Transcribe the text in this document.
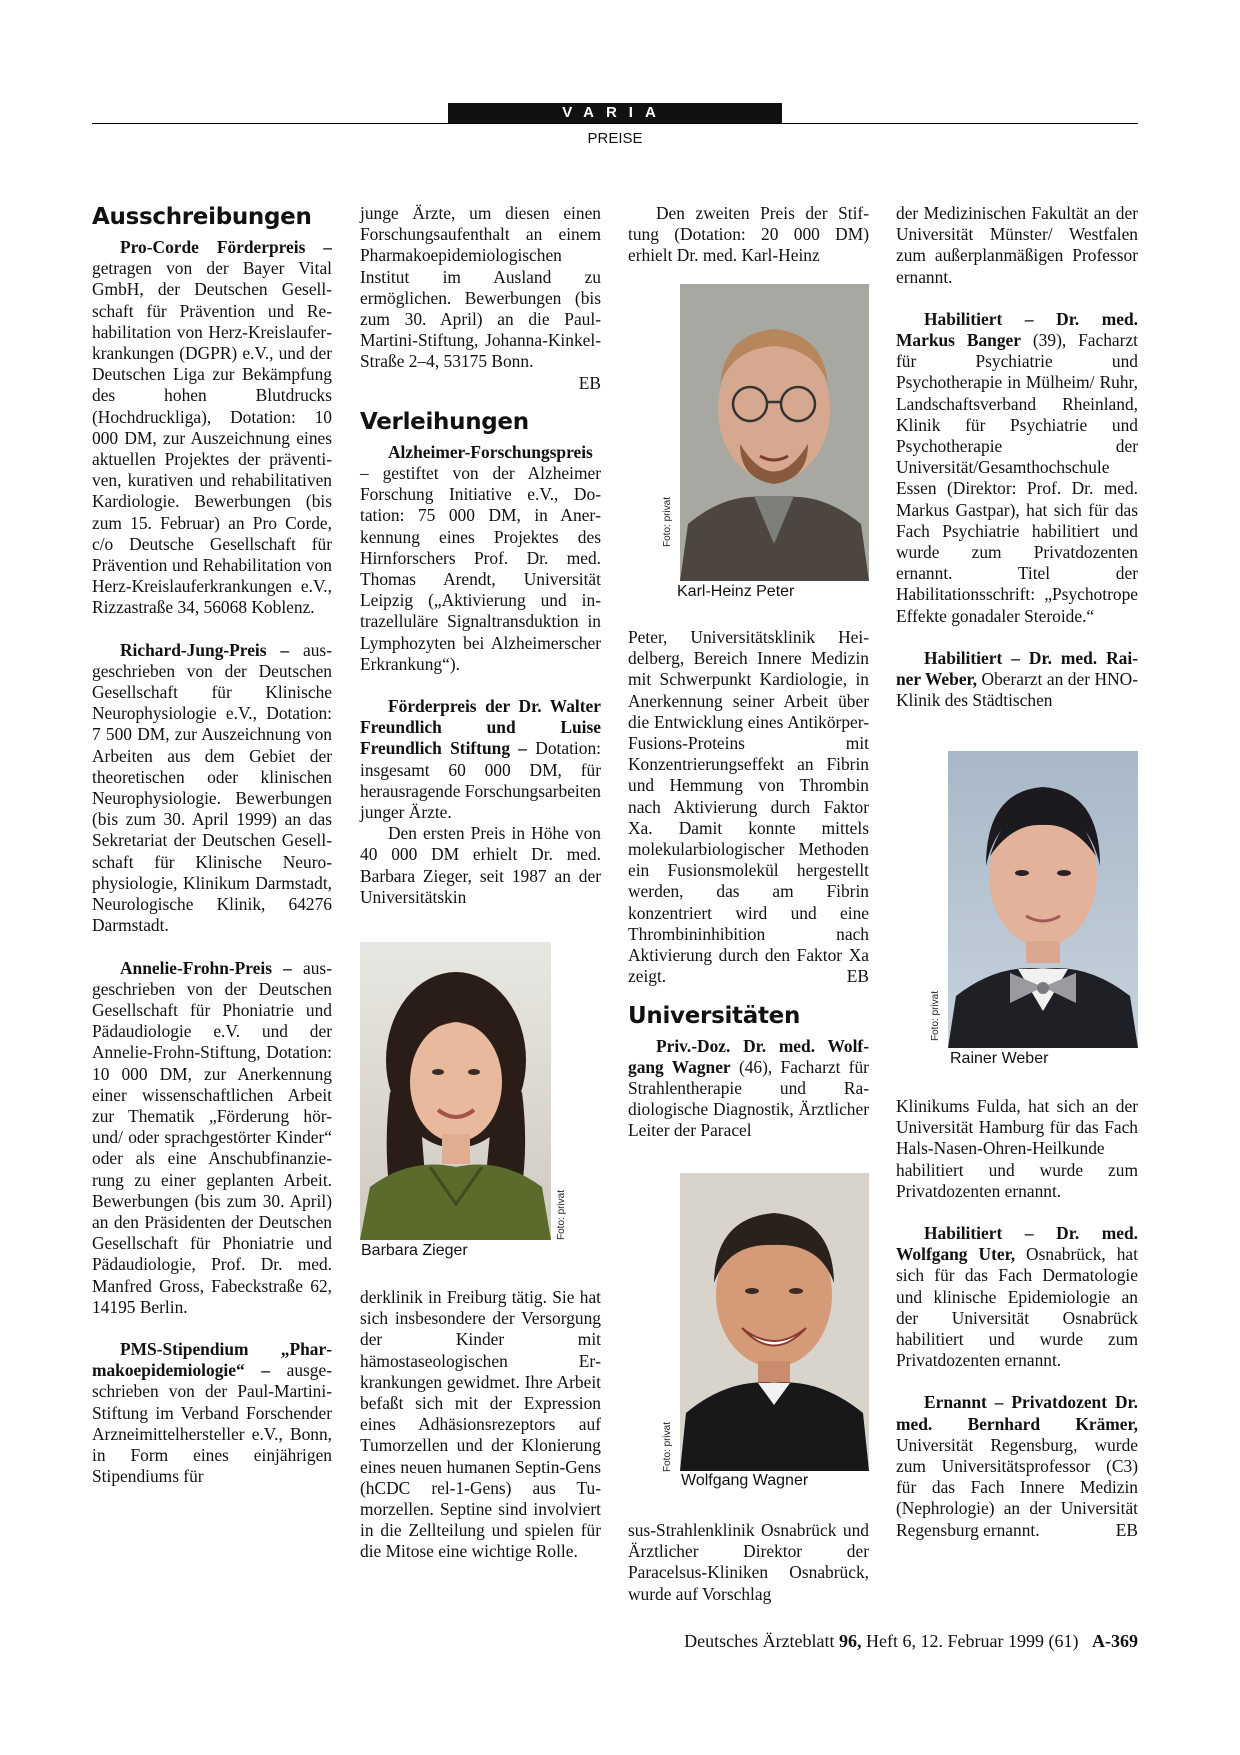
VARIA
PREISE
Ausschreibungen

Pro-Corde Förderpreis – getragen von der Bayer Vital GmbH, der Deutschen Gesellschaft für Prävention und Rehabilitation von Herz-Kreislauferkrankungen (DGPR) e.V., und der Deutschen Liga zur Bekämpfung des hohen Blutdrucks (Hochdruckliga), Dotation: 10 000 DM, zur Auszeichnung eines aktuellen Projektes der präventiven, kurativen und rehabilitativen Kardiologie. Bewerbungen (bis zum 15. Februar) an Pro Corde, c/o Deutsche Gesellschaft für Prävention und Rehabilitation von Herz-Kreislauferkrankungen e.V., Rizzastraße 34, 56068 Koblenz.

Richard-Jung-Preis – ausgeschrieben von der Deutschen Gesellschaft für Klinische Neurophysiologie e.V., Dotation: 7 500 DM, zur Auszeichnung von Arbeiten aus dem Gebiet der theoretischen oder klinischen Neurophysiologie. Bewerbungen (bis zum 30. April 1999) an das Sekretariat der Deutschen Gesellschaft für Klinische Neurophysiologie, Klinikum Darmstadt, Neurologische Klinik, 64276 Darmstadt.

Annelie-Frohn-Preis – ausgeschrieben von der Deutschen Gesellschaft für Phoniatrie und Pädaudiologie e.V. und der Annelie-Frohn-Stiftung, Dotation: 10 000 DM, zur Anerkennung einer wissenschaftlichen Arbeit zur Thematik „Förderung hör- und/ oder sprachgestörter Kinder“ oder als eine Anschubfinanzierung zu einer geplanten Arbeit. Bewerbungen (bis zum 30. April) an den Präsidenten der Deutschen Gesellschaft für Phoniatrie und Pädaudiologie, Prof. Dr. med. Manfred Gross, Fabeckstraße 62, 14195 Berlin.

PMS-Stipendium „Pharmakoepidemiologie“ – ausgeschrieben von der Paul-Martini-Stiftung im Verband Forschender Arzneimittelhersteller e.V., Bonn, in Form eines einjährigen Stipendiums für

junge Ärzte, um diesen einen Forschungsaufenthalt an einem Pharmakoepidemiologischen Institut im Ausland zu ermöglichen. Bewerbungen (bis zum 30. April) an die Paul-Martini-Stiftung, Johanna-Kinkel-Straße 2–4, 53175 Bonn.

EB

Verleihungen

Alzheimer-Forschungspreis – gestiftet von der Alzheimer Forschung Initiative e.V., Dotation: 75 000 DM, in Anerkennung eines Projektes des Hirnforschers Prof. Dr. med. Thomas Arendt, Universität Leipzig („Aktivierung und intrazelluläre Signaltransduktion in Lymphozyten bei Alzheimerscher Erkrankung“).

Förderpreis der Dr. Walter Freundlich und Luise Freundlich Stiftung – Dotation: insgesamt 60 000 DM, für herausragende Forschungsarbeiten junger Ärzte.

Den ersten Preis in Höhe von 40 000 DM erhielt Dr. med. Barbara Zieger, seit 1987 an der Universitätskin

Foto: privat
Barbara Zieger

derklinik in Freiburg tätig. Sie hat sich insbesondere der Versorgung der Kinder mit hämostaseologischen Erkrankungen gewidmet. Ihre Arbeit befaßt sich mit der Expression eines Adhäsionsrezeptors auf Tumorzellen und der Klonierung eines neuen humanen Septin-Gens (hCDC rel-1-Gens) aus Tumorzellen. Septine sind involviert in die Zellteilung und spielen für die Mitose eine wichtige Rolle.

Den zweiten Preis der Stiftung (Dotation: 20 000 DM) erhielt Dr. med. Karl-Heinz

Foto: privat
Karl-Heinz Peter

Peter, Universitätsklinik Heidelberg, Bereich Innere Medizin mit Schwerpunkt Kardiologie, in Anerkennung seiner Arbeit über die Entwicklung eines Antikörper-Fusions-Proteins mit Konzentrierungseffekt an Fibrin und Hemmung von Thrombin nach Aktivierung durch Faktor Xa. Damit konnte mittels molekularbiologischer Methoden ein Fusionsmolekül hergestellt werden, das am Fibrin konzentriert wird und eine Thrombininhibition nach Aktivierung durch den Faktor Xa zeigt.	EB

Universitäten

Priv.-Doz. Dr. med. Wolfgang Wagner (46), Facharzt für Strahlentherapie und Radiologische Diagnostik, Ärztlicher Leiter der Paracel

Foto: privat
Wolfgang Wagner

sus-Strahlenklinik Osnabrück und Ärztlicher Direktor der Paracelsus-Kliniken Osnabrück, wurde auf Vorschlag

der Medizinischen Fakultät an der Universität Münster/ Westfalen zum außerplanmäßigen Professor ernannt.

Habilitiert – Dr. med. Markus Banger (39), Facharzt für Psychiatrie und Psychotherapie in Mülheim/ Ruhr, Landschaftsverband Rheinland, Klinik für Psychiatrie und Psychotherapie der Universität/Gesamthochschule Essen (Direktor: Prof. Dr. med. Markus Gastpar), hat sich für das Fach Psychiatrie habilitiert und wurde zum Privatdozenten ernannt. Titel der Habilitationsschrift: „Psychotrope Effekte gonadaler Steroide.“

Habilitiert – Dr. med. Rainer Weber, Oberarzt an der HNO-Klinik des Städtischen

Foto: privat
Rainer Weber

Klinikums Fulda, hat sich an der Universität Hamburg für das Fach Hals-Nasen-Ohren-Heilkunde habilitiert und wurde zum Privatdozenten ernannt.

Habilitiert – Dr. med. Wolfgang Uter, Osnabrück, hat sich für das Fach Dermatologie und klinische Epidemiologie an der Universität Osnabrück habilitiert und wurde zum Privatdozenten ernannt.

Ernannt – Privatdozent Dr. med. Bernhard Krämer, Universität Regensburg, wurde zum Universitätsprofessor (C3) für das Fach Innere Medizin (Nephrologie) an der Universität Regensburg ernannt.	EB

Deutsches Ärzteblatt 96, Heft 6, 12. Februar 1999 (61) A-369
